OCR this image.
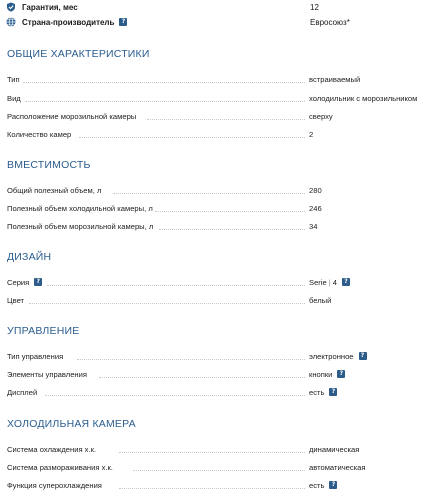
Гарантия, мес	12
Страна-производитель	?	Евросоюз*
ОБЩИЕ ХАРАКТЕРИСТИКИ
Тип	встраиваемый
Вид	холодильник с морозильником
Расположение морозильной камеры	сверху
Количество камер	2
ВМЕСТИМОСТЬ
Общий полезный объем, л	280
Полезный объем холодильной камеры, л	246
Полезный объем морозильной камеры, л	34
ДИЗАЙН
Серия	?	Serie | 4	?
Цвет	белый
УПРАВЛЕНИЕ
Тип управления	электронное	?
Элементы управления	кнопки	?
Дисплей	есть	?
ХОЛОДИЛЬНАЯ КАМЕРА
Система охлаждения х.к.	динамическая
Система размораживания х.к.	автоматическая
Функция суперохлаждения	есть	?
